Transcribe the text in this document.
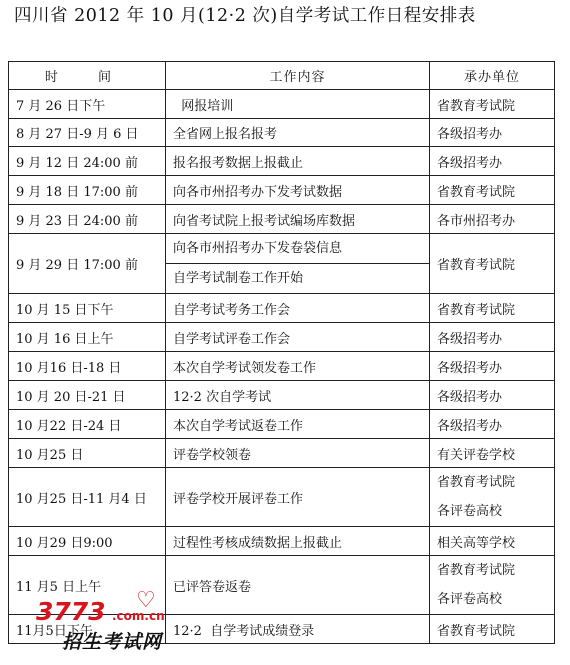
四川省 2012 年 10 月(12·2 次)自学考试工作日程安排表
时 间	工作内容	承办单位
7 月 26 日下午	网报培训	省教育考试院
8 月 27 日-9 月 6 日	全省网上报名报考	各级招考办
9 月 12 日 24:00 前	报名报考数据上报截止	各级招考办
9 月 18 日 17:00 前	向各市州招考办下发考试数据	省教育考试院
9 月 23 日 24:00 前	向省考试院上报考试编场库数据	各市州招考办
9 月 29 日 17:00 前	向各市州招考办下发卷袋信息
自学考试制卷工作开始	省教育考试院
10 月 15 日下午	自学考试考务工作会	省教育考试院
10 月 16 日上午	自学考试评卷工作会	各级招考办
10 月16 日-18 日	本次自学考试领发卷工作	各级招考办
10 月 20 日-21 日	12·2 次自学考试	各级招考办
10 月22 日-24 日	本次自学考试返卷工作	各级招考办
10 月25 日	评卷学校领卷	有关评卷学校
10 月25 日-11 月4 日	评卷学校开展评卷工作	省教育考试院
各评卷高校

10 月29 日9:00	过程性考核成绩数据上报截止	相关高等学校
11 月5 日上午	已评答卷返卷	省教育考试院
各评卷高校

11月5日下午	12·2  自学考试成绩登录	省教育考试院
3773 ♡
.com.cn
招生考试网
